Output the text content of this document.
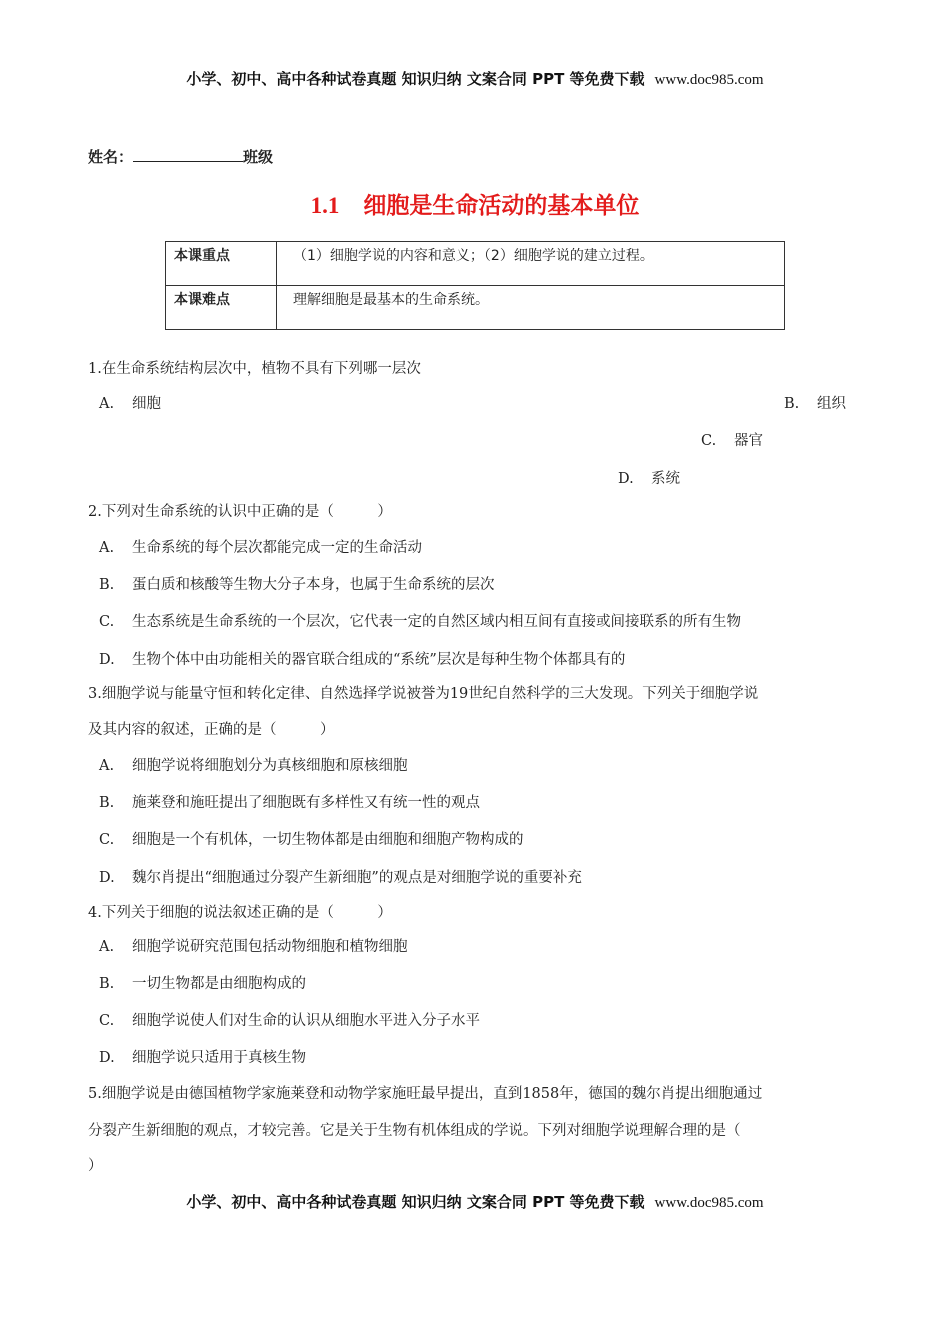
小学、初中、高中各种试卷真题 知识归纳 文案合同 PPT 等免费下载 www.doc985.com
姓名：	班级
1.1 细胞是生命活动的基本单位
本课重点	（1）细胞学说的内容和意义；（2）细胞学说的建立过程。
本课难点	理解细胞是最基本的生命系统。
1.在生命系统结构层次中，植物不具有下列哪一层次
A. 细胞	B. 组织
C. 器官
D. 系统
2.下列对生命系统的认识中正确的是（　　　）
A. 生命系统的每个层次都能完成一定的生命活动
B. 蛋白质和核酸等生物大分子本身，也属于生命系统的层次
C. 生态系统是生命系统的一个层次，它代表一定的自然区域内相互间有直接或间接联系的所有生物
D. 生物个体中由功能相关的器官联合组成的“系统”层次是每种生物个体都具有的
3.细胞学说与能量守恒和转化定律、自然选择学说被誉为19世纪自然科学的三大发现。下列关于细胞学说
及其内容的叙述，正确的是（　　　）
A. 细胞学说将细胞划分为真核细胞和原核细胞
B. 施莱登和施旺提出了细胞既有多样性又有统一性的观点
C. 细胞是一个有机体，一切生物体都是由细胞和细胞产物构成的
D. 魏尔肖提出“细胞通过分裂产生新细胞”的观点是对细胞学说的重要补充
4.下列关于细胞的说法叙述正确的是（　　　）
A. 细胞学说研究范围包括动物细胞和植物细胞
B. 一切生物都是由细胞构成的
C. 细胞学说使人们对生命的认识从细胞水平进入分子水平
D. 细胞学说只适用于真核生物
5.细胞学说是由德国植物学家施莱登和动物学家施旺最早提出，直到1858年，德国的魏尔肖提出细胞通过
分裂产生新细胞的观点，才较完善。它是关于生物有机体组成的学说。下列对细胞学说理解合理的是（
）
小学、初中、高中各种试卷真题 知识归纳 文案合同 PPT 等免费下载 www.doc985.com
